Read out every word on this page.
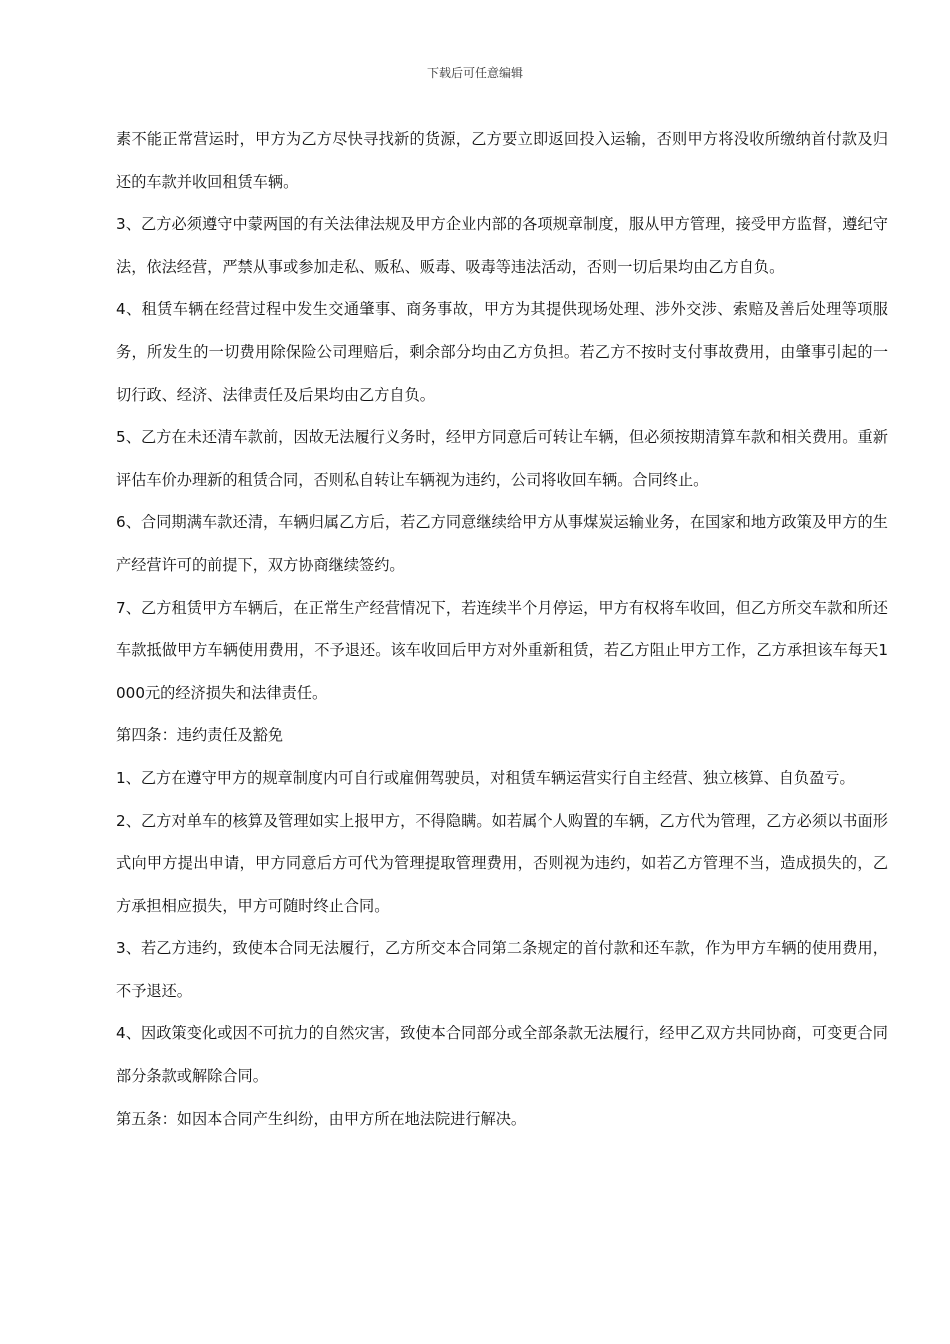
下载后可任意编辑

素不能正常营运时，甲方为乙方尽快寻找新的货源，乙方要立即返回投入运输，否则甲方将没收所缴纳首付款及归还的车款并收回租赁车辆。

3、乙方必须遵守中蒙两国的有关法律法规及甲方企业内部的各项规章制度，服从甲方管理，接受甲方监督，遵纪守法，依法经营，严禁从事或参加走私、贩私、贩毒、吸毒等违法活动，否则一切后果均由乙方自负。

4、租赁车辆在经营过程中发生交通肇事、商务事故，甲方为其提供现场处理、涉外交涉、索赔及善后处理等项服务，所发生的一切费用除保险公司理赔后，剩余部分均由乙方负担。若乙方不按时支付事故费用，由肇事引起的一切行政、经济、法律责任及后果均由乙方自负。

5、乙方在未还清车款前，因故无法履行义务时，经甲方同意后可转让车辆，但必须按期清算车款和相关费用。重新评估车价办理新的租赁合同，否则私自转让车辆视为违约，公司将收回车辆。合同终止。

6、合同期满车款还清，车辆归属乙方后，若乙方同意继续给甲方从事煤炭运输业务，在国家和地方政策及甲方的生产经营许可的前提下，双方协商继续签约。

7、乙方租赁甲方车辆后，在正常生产经营情况下，若连续半个月停运，甲方有权将车收回，但乙方所交车款和所还车款抵做甲方车辆使用费用，不予退还。该车收回后甲方对外重新租赁，若乙方阻止甲方工作，乙方承担该车每天1000元的经济损失和法律责任。

第四条：违约责任及豁免

1、乙方在遵守甲方的规章制度内可自行或雇佣驾驶员，对租赁车辆运营实行自主经营、独立核算、自负盈亏。

2、乙方对单车的核算及管理如实上报甲方，不得隐瞒。如若属个人购置的车辆，乙方代为管理，乙方必须以书面形式向甲方提出申请，甲方同意后方可代为管理提取管理费用，否则视为违约，如若乙方管理不当，造成损失的，乙方承担相应损失，甲方可随时终止合同。

3、若乙方违约，致使本合同无法履行，乙方所交本合同第二条规定的首付款和还车款，作为甲方车辆的使用费用，不予退还。

4、因政策变化或因不可抗力的自然灾害，致使本合同部分或全部条款无法履行，经甲乙双方共同协商，可变更合同部分条款或解除合同。

第五条：如因本合同产生纠纷，由甲方所在地法院进行解决。
